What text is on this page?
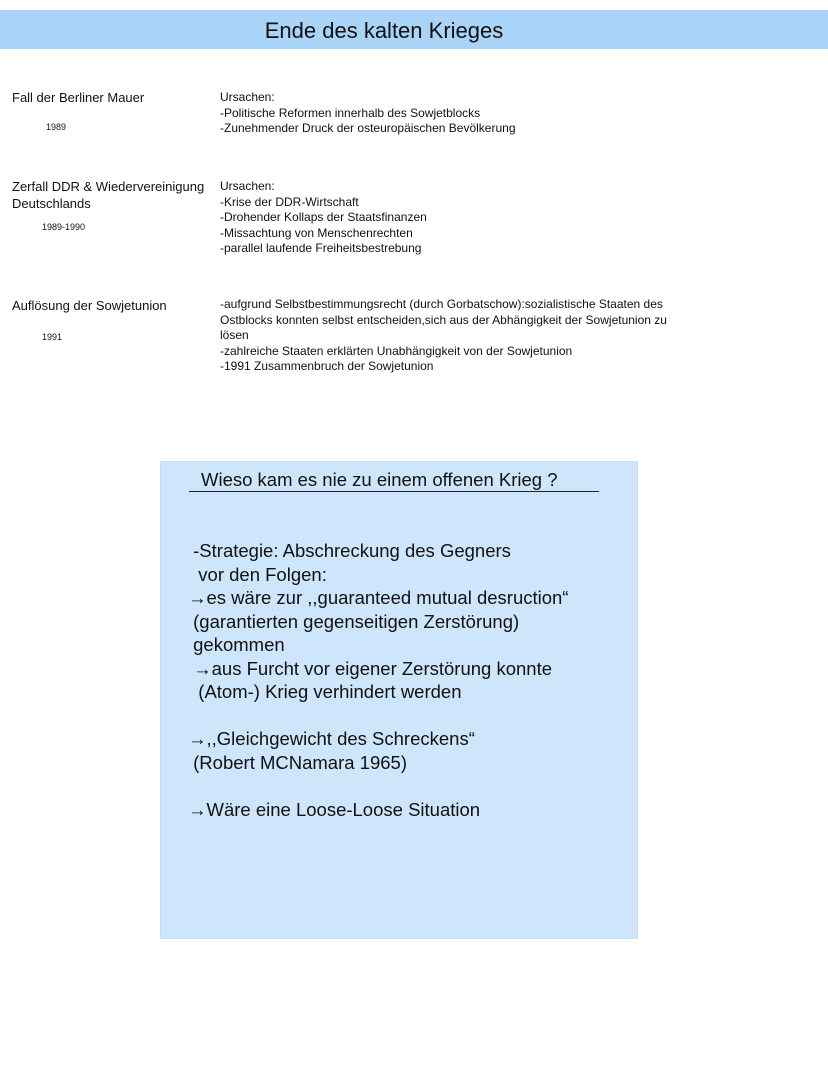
Ende des kalten Krieges
Fall der Berliner Mauer
1989
Ursachen:
-Politische Reformen innerhalb des Sowjetblocks
-Zunehmender Druck der osteuropäischen Bevölkerung
Zerfall DDR & Wiedervereinigung Deutschlands
1989-1990
Ursachen:
-Krise der DDR-Wirtschaft
-Drohender Kollaps der Staatsfinanzen
-Missachtung von Menschenrechten
-parallel laufende Freiheitsbestrebung
Auflösung der Sowjetunion
1991
-aufgrund Selbstbestimmungsrecht (durch Gorbatschow):sozialistische Staaten des
Ostblocks konnten selbst entscheiden,sich aus der Abhängigkeit der Sowjetunion zu
lösen
-zahlreiche Staaten erklärten Unabhängigkeit von der Sowjetunion
-1991 Zusammenbruch der Sowjetunion
Wieso kam es nie zu einem offenen Krieg ?
-Strategie: Abschreckung des Gegners
vor den Folgen:
→es wäre zur ,,guaranteed mutual desruction“
(garantierten gegenseitigen Zerstörung)
gekommen
→aus Furcht vor eigener Zerstörung konnte
(Atom-) Krieg verhindert werden
→,,Gleichgewicht des Schreckens“
(Robert MCNamara 1965)
→Wäre eine Loose-Loose Situation
